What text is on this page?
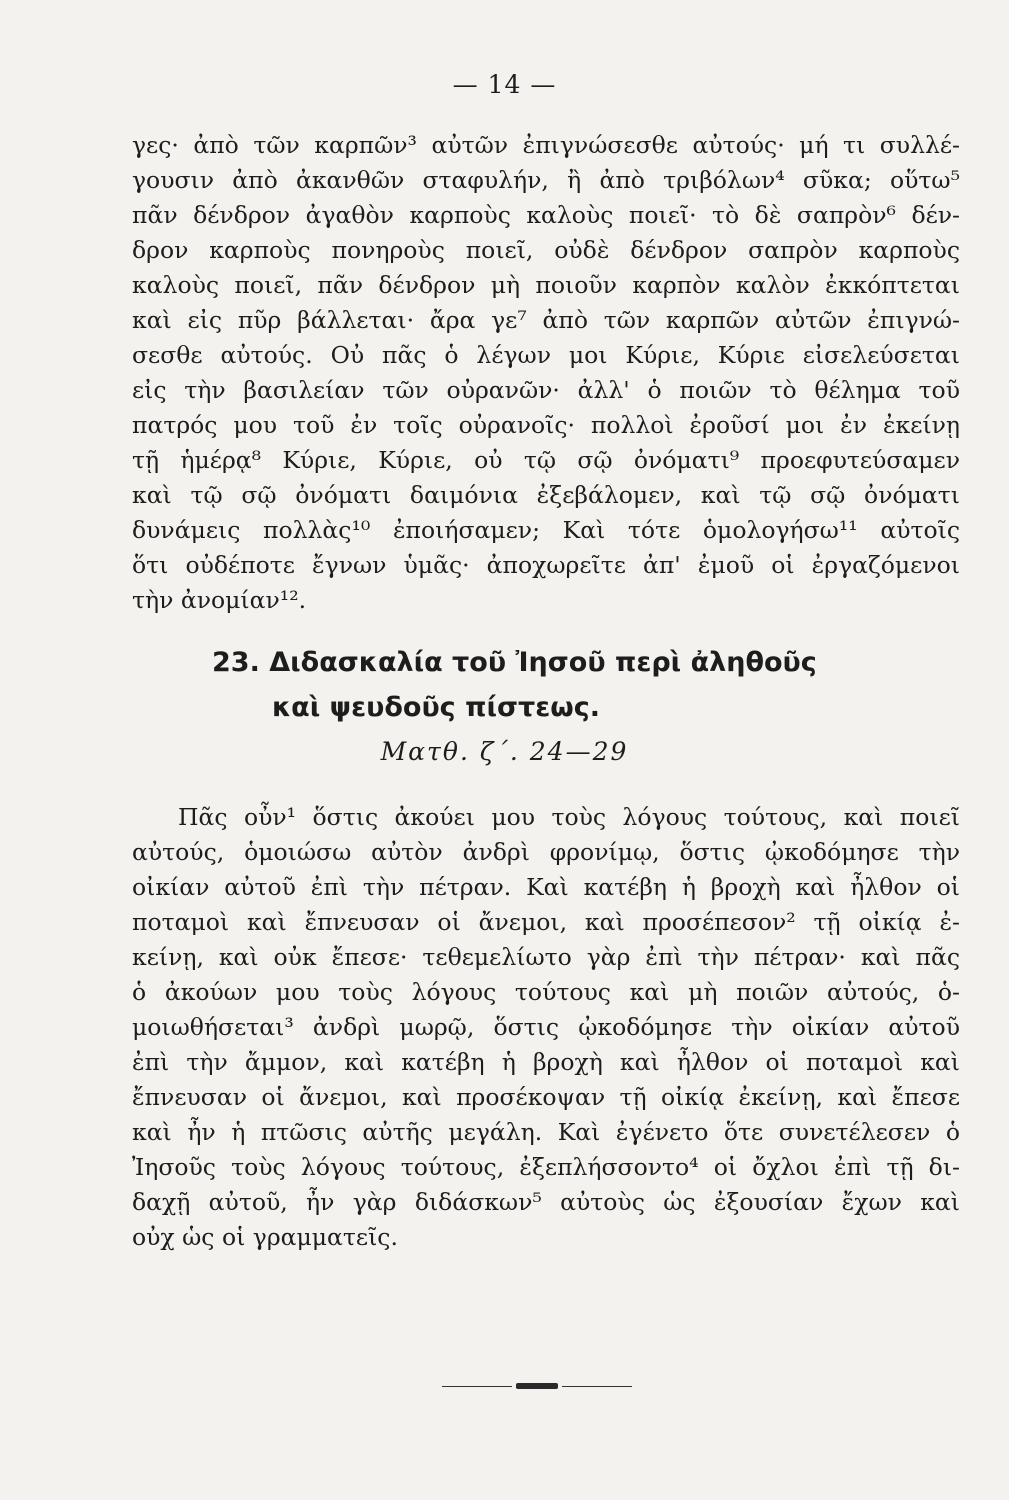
— 14 —
γες· ἀπὸ τῶν καρπῶν³ αὐτῶν ἐπιγνώσεσθε αὐτούς· μή τι συλλέ-
γουσιν ἀπὸ ἀκανθῶν σταφυλήν, ἢ ἀπὸ τριβόλων⁴ σῦκα; οὕτω⁵
πᾶν δένδρον ἀγαθὸν καρποὺς καλοὺς ποιεῖ· τὸ δὲ σαπρὸν⁶ δέν-
δρον καρποὺς πονηροὺς ποιεῖ, οὐδὲ δένδρον σαπρὸν καρποὺς
καλοὺς ποιεῖ, πᾶν δένδρον μὴ ποιοῦν καρπὸν καλὸν ἐκκόπτεται
καὶ εἰς πῦρ βάλλεται· ἄρα γε⁷ ἀπὸ τῶν καρπῶν αὐτῶν ἐπιγνώ-
σεσθε αὐτούς. Οὐ πᾶς ὁ λέγων μοι Κύριε, Κύριε εἰσελεύσεται
εἰς τὴν βασιλείαν τῶν οὐρανῶν· ἀλλ' ὁ ποιῶν τὸ θέλημα τοῦ
πατρός μου τοῦ ἐν τοῖς οὐρανοῖς· πολλοὶ ἐροῦσί μοι ἐν ἐκείνῃ
τῇ ἡμέρᾳ⁸ Κύριε, Κύριε, οὐ τῷ σῷ ὀνόματι⁹ προεφυτεύσαμεν
καὶ τῷ σῷ ὀνόματι δαιμόνια ἐξεβάλομεν, καὶ τῷ σῷ ὀνόματι
δυνάμεις πολλὰς¹⁰ ἐποιήσαμεν; Καὶ τότε ὁμολογήσω¹¹ αὐτοῖς
ὅτι οὐδέποτε ἔγνων ὑμᾶς· ἀποχωρεῖτε ἀπ' ἐμοῦ οἱ ἐργαζόμενοι
τὴν ἀνομίαν¹².
23. Διδασκαλία τοῦ Ἰησοῦ περὶ ἀληθοῦς
καὶ ψευδοῦς πίστεως.
Ματθ. ζ΄. 24—29
Πᾶς οὖν¹ ὅστις ἀκούει μου τοὺς λόγους τούτους, καὶ ποιεῖ
αὐτούς, ὁμοιώσω αὐτὸν ἀνδρὶ φρονίμῳ, ὅστις ᾠκοδόμησε τὴν
οἰκίαν αὐτοῦ ἐπὶ τὴν πέτραν. Καὶ κατέβη ἡ βροχὴ καὶ ἦλθον οἱ
ποταμοὶ καὶ ἔπνευσαν οἱ ἄνεμοι, καὶ προσέπεσον² τῇ οἰκίᾳ ἐ-
κείνῃ, καὶ οὐκ ἔπεσε· τεθεμελίωτο γὰρ ἐπὶ τὴν πέτραν· καὶ πᾶς
ὁ ἀκούων μου τοὺς λόγους τούτους καὶ μὴ ποιῶν αὐτούς, ὁ-
μοιωθήσεται³ ἀνδρὶ μωρῷ, ὅστις ᾠκοδόμησε τὴν οἰκίαν αὐτοῦ
ἐπὶ τὴν ἄμμον, καὶ κατέβη ἡ βροχὴ καὶ ἦλθον οἱ ποταμοὶ καὶ
ἔπνευσαν οἱ ἄνεμοι, καὶ προσέκοψαν τῇ οἰκίᾳ ἐκείνῃ, καὶ ἔπεσε
καὶ ἦν ἡ πτῶσις αὐτῆς μεγάλη. Καὶ ἐγένετο ὅτε συνετέλεσεν ὁ
Ἰησοῦς τοὺς λόγους τούτους, ἐξεπλήσσοντο⁴ οἱ ὄχλοι ἐπὶ τῇ δι-
δαχῇ αὐτοῦ, ἦν γὰρ διδάσκων⁵ αὐτοὺς ὡς ἐξουσίαν ἔχων καὶ
οὐχ ὡς οἱ γραμματεῖς.
